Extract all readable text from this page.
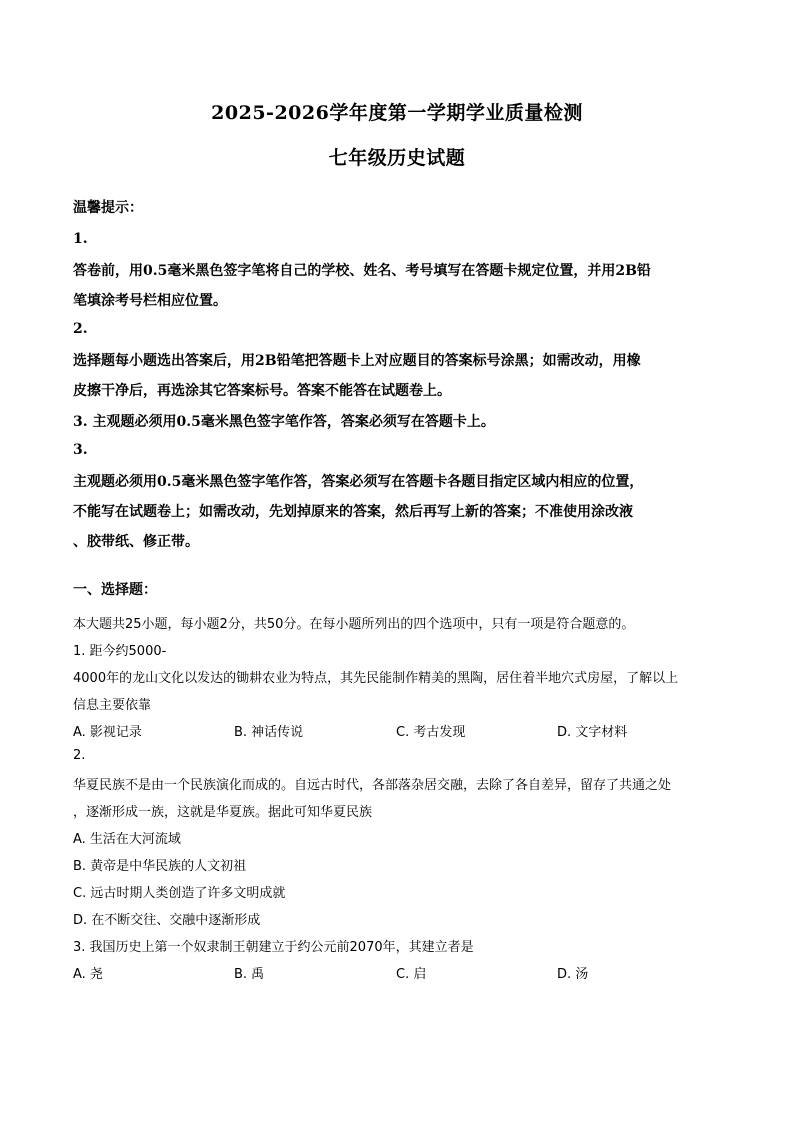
2025-2026学年度第一学期学业质量检测
七年级历史试题
温馨提示：
1.
答卷前，用0.5毫米黑色签字笔将自己的学校、姓名、考号填写在答题卡规定位置，并用2B铅
笔填涂考号栏相应位置。
2.
选择题每小题选出答案后，用2B铅笔把答题卡上对应题目的答案标号涂黑；如需改动，用橡
皮擦干净后，再选涂其它答案标号。答案不能答在试题卷上。
3. 主观题必须用0.5毫米黑色签字笔作答，答案必须写在答题卡上。
3.
主观题必须用0.5毫米黑色签字笔作答，答案必须写在答题卡各题目指定区域内相应的位置，
不能写在试题卷上；如需改动，先划掉原来的答案，然后再写上新的答案；不准使用涂改液
、胶带纸、修正带。
一、选择题：
本大题共25小题，每小题2分，共50分。在每小题所列出的四个选项中，只有一项是符合题意的。
1. 距今约5000-
4000年的龙山文化以发达的锄耕农业为特点，其先民能制作精美的黑陶，居住着半地穴式房屋，了解以上
信息主要依靠
A. 影视记录	B. 神话传说	C. 考古发现	D. 文字材料
2.
华夏民族不是由一个民族演化而成的。自远古时代，各部落杂居交融，去除了各自差异，留存了共通之处
，逐渐形成一族，这就是华夏族。据此可知华夏民族
A. 生活在大河流域
B. 黄帝是中华民族的人文初祖
C. 远古时期人类创造了许多文明成就
D. 在不断交往、交融中逐渐形成
3. 我国历史上第一个奴隶制王朝建立于约公元前2070年，其建立者是
A. 尧	B. 禹	C. 启	D. 汤
